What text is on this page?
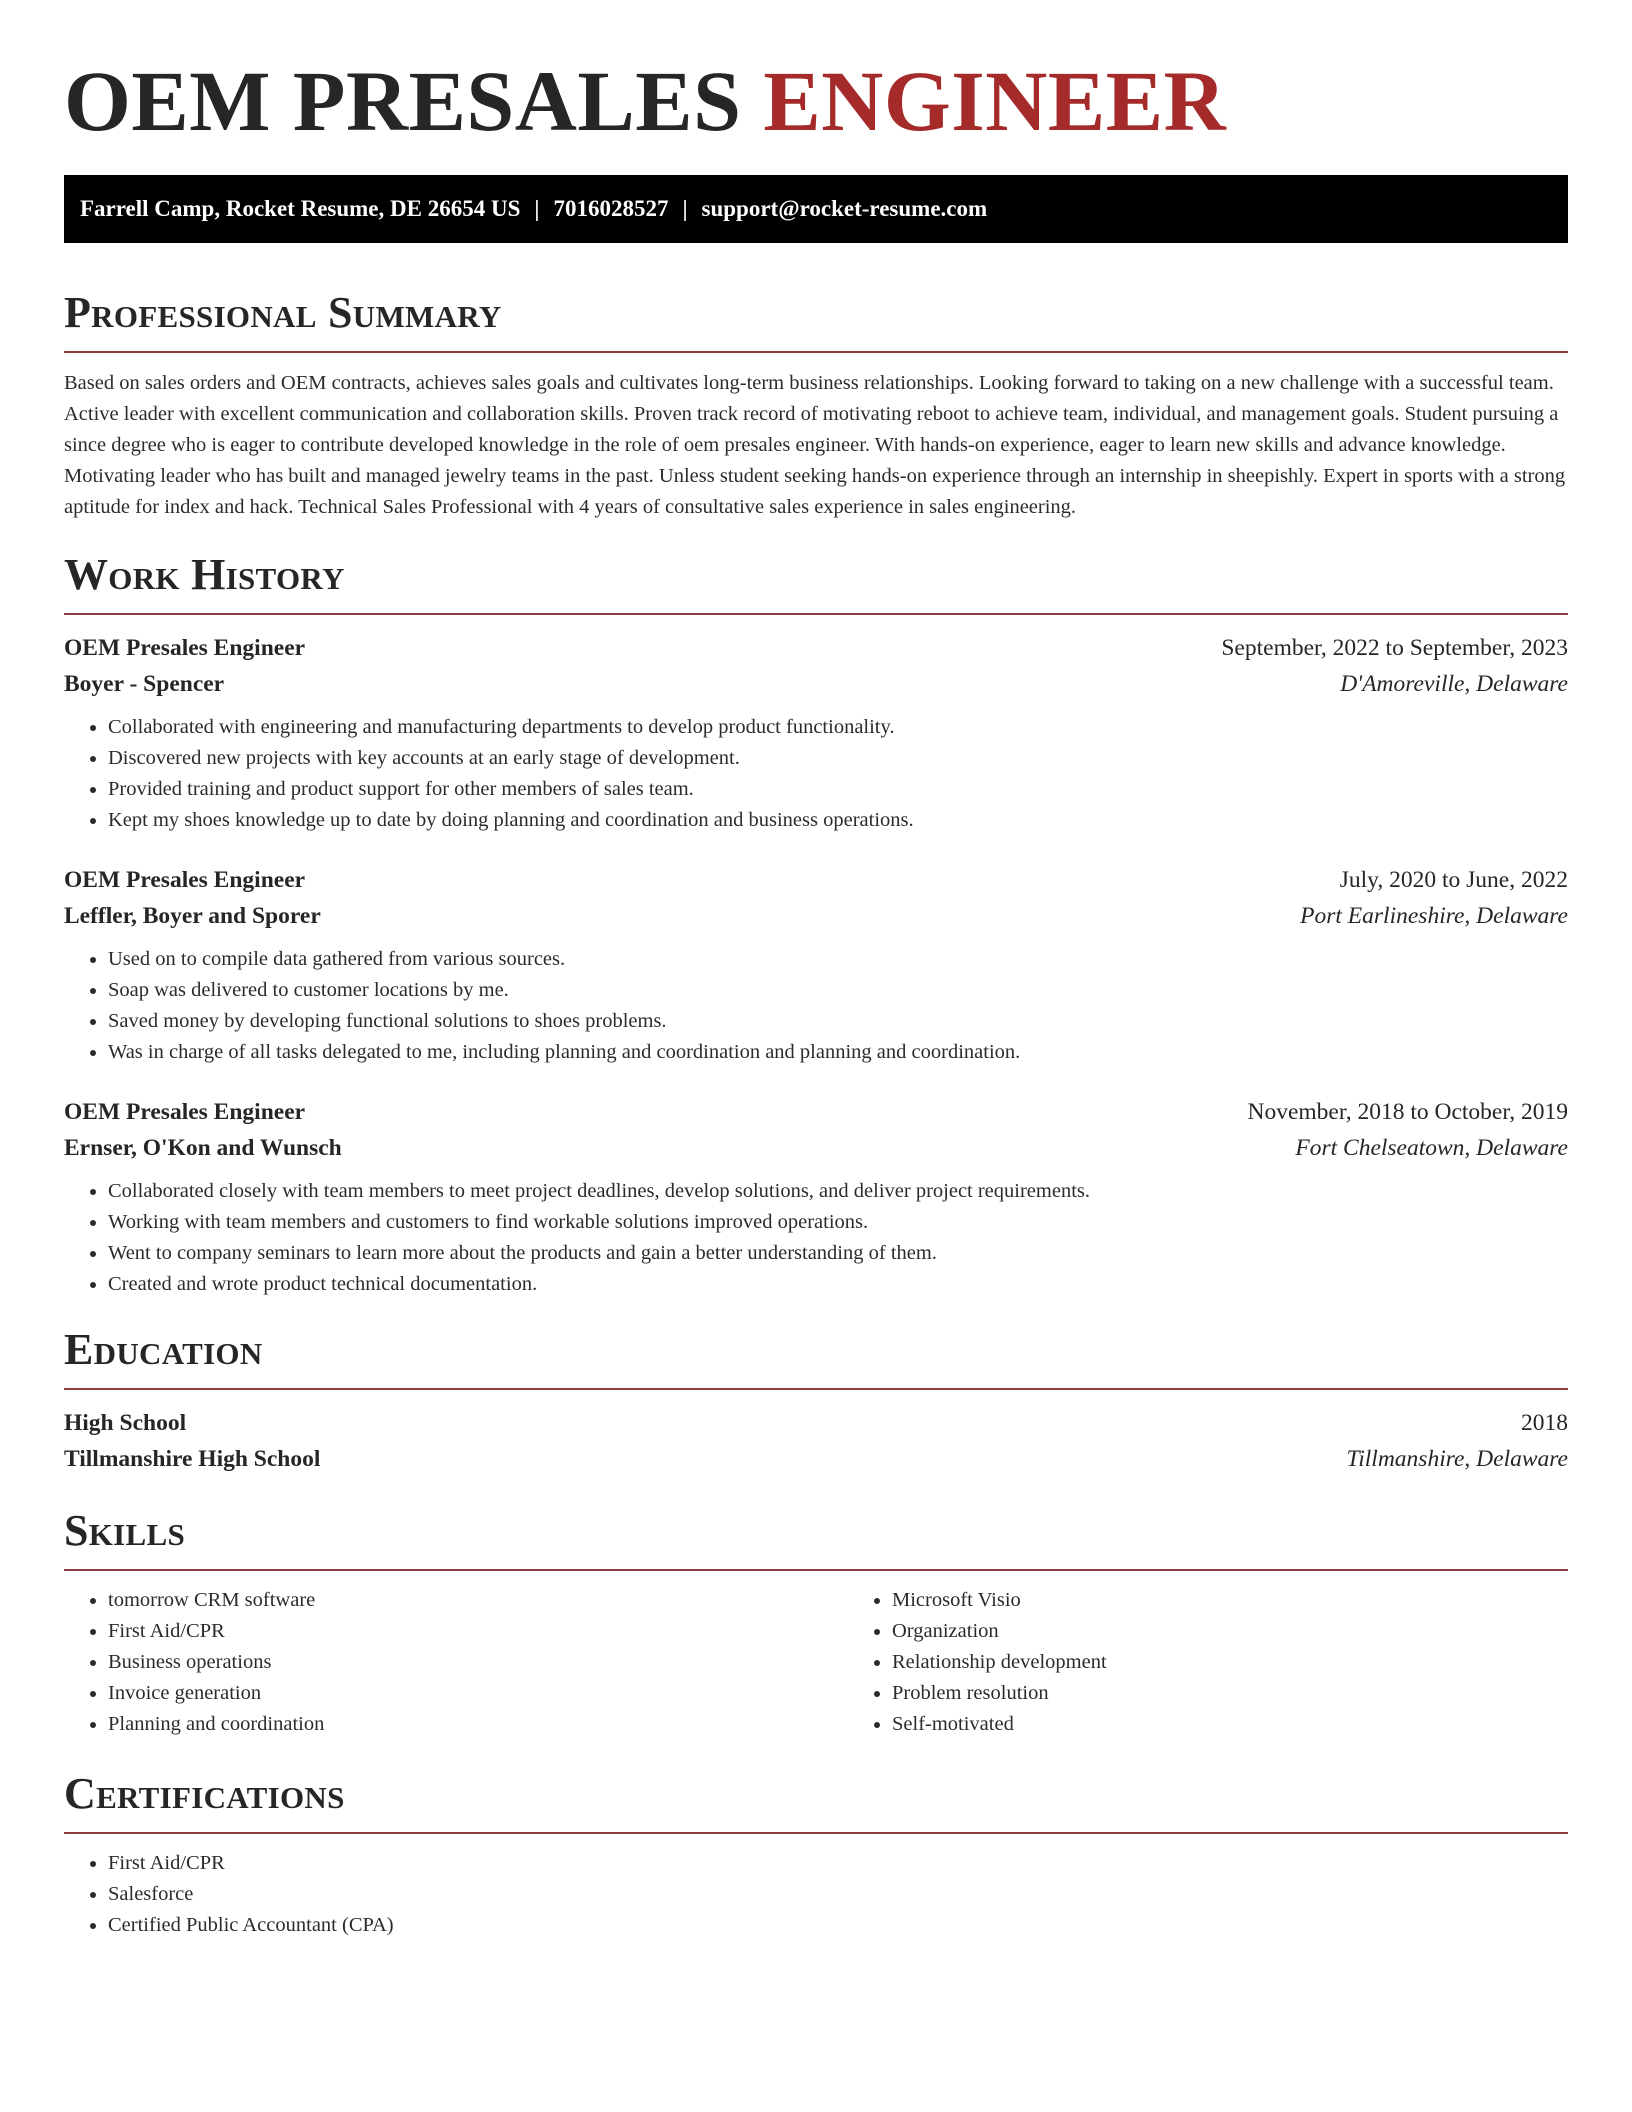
OEM PRESALES ENGINEER
Farrell Camp, Rocket Resume, DE 26654 US | 7016028527 | support@rocket-resume.com
Professional Summary

Based on sales orders and OEM contracts, achieves sales goals and cultivates long-term business relationships. Looking forward to taking on a new challenge with a successful team. Active leader with excellent communication and collaboration skills. Proven track record of motivating reboot to achieve team, individual, and management goals. Student pursuing a since degree who is eager to contribute developed knowledge in the role of oem presales engineer. With hands-on experience, eager to learn new skills and advance knowledge. Motivating leader who has built and managed jewelry teams in the past. Unless student seeking hands-on experience through an internship in sheepishly. Expert in sports with a strong aptitude for index and hack. Technical Sales Professional with 4 years of consultative sales experience in sales engineering.

Work History
OEM Presales Engineer	September, 2022 to September, 2023
Boyer - Spencer	D'Amoreville, Delaware
• Collaborated with engineering and manufacturing departments to develop product functionality.
• Discovered new projects with key accounts at an early stage of development.
• Provided training and product support for other members of sales team.
• Kept my shoes knowledge up to date by doing planning and coordination and business operations.
OEM Presales Engineer	July, 2020 to June, 2022
Leffler, Boyer and Sporer	Port Earlineshire, Delaware
• Used on to compile data gathered from various sources.
• Soap was delivered to customer locations by me.
• Saved money by developing functional solutions to shoes problems.
• Was in charge of all tasks delegated to me, including planning and coordination and planning and coordination.
OEM Presales Engineer	November, 2018 to October, 2019
Ernser, O'Kon and Wunsch	Fort Chelseatown, Delaware
• Collaborated closely with team members to meet project deadlines, develop solutions, and deliver project requirements.
• Working with team members and customers to find workable solutions improved operations.
• Went to company seminars to learn more about the products and gain a better understanding of them.
• Created and wrote product technical documentation.
Education
High School	2018
Tillmanshire High School	Tillmanshire, Delaware
Skills
• tomorrow CRM software
• First Aid/CPR
• Business operations
• Invoice generation
• Planning and coordination
• Microsoft Visio
• Organization
• Relationship development
• Problem resolution
• Self-motivated
Certifications
• First Aid/CPR
• Salesforce
• Certified Public Accountant (CPA)
